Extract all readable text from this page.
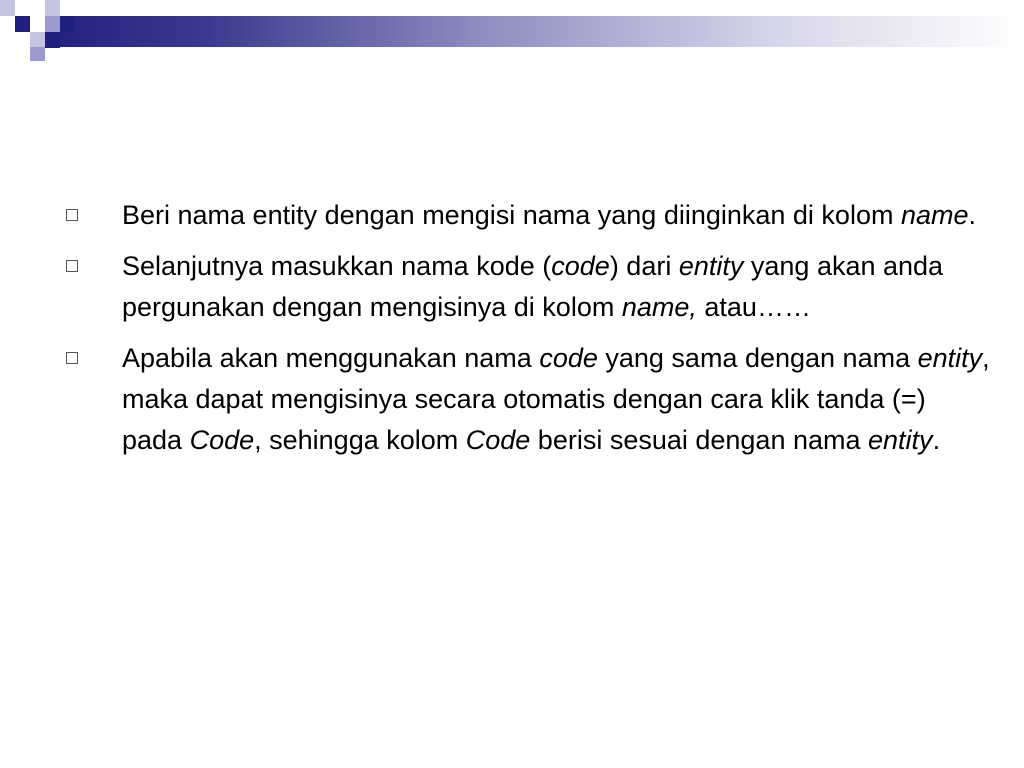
Beri nama entity dengan mengisi nama yang diinginkan di kolom name.
Selanjutnya masukkan nama kode (code) dari entity yang akan anda pergunakan dengan mengisinya di kolom name, atau……
Apabila akan menggunakan nama code yang sama dengan nama entity, maka dapat mengisinya secara otomatis dengan cara klik tanda (=) pada Code, sehingga kolom Code berisi sesuai dengan nama entity.
